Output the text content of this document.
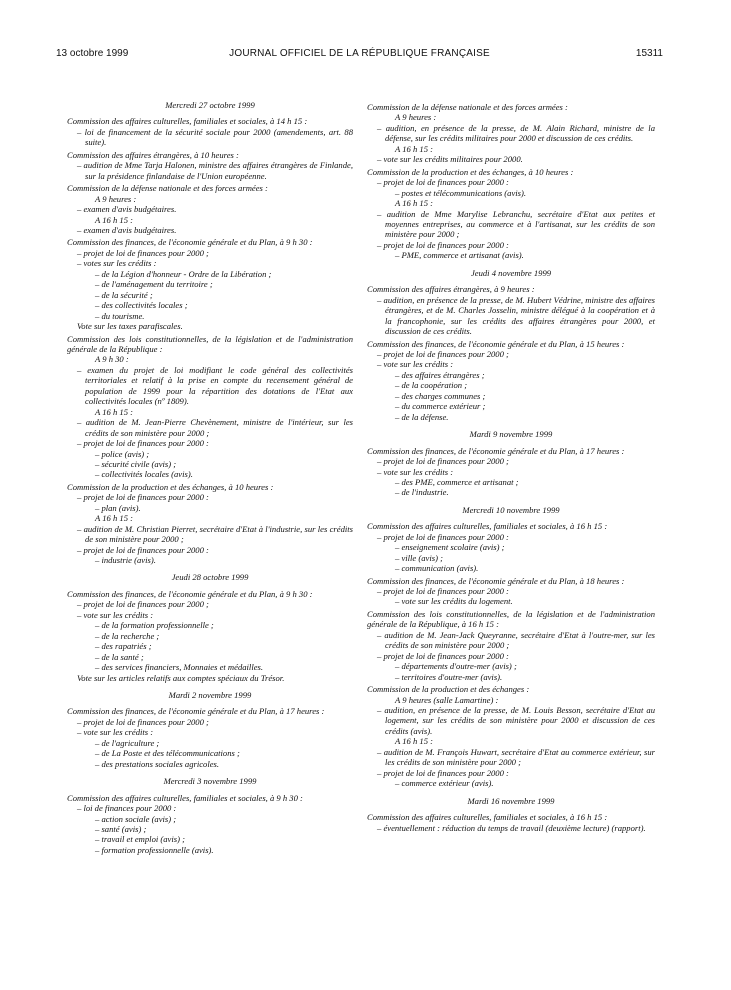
13 octobre 1999	JOURNAL OFFICIEL DE LA RÉPUBLIQUE FRANÇAISE	15311
Mercredi 27 octobre 1999
Commission des affaires culturelles, familiales et sociales, à 14 h 15 :
– loi de financement de la sécurité sociale pour 2000 (amendements, art. 88 suite).
Commission des affaires étrangères, à 10 heures :
– audition de Mme Tarja Halonen, ministre des affaires étrangères de Finlande, sur la présidence finlandaise de l'Union européenne.
Commission de la défense nationale et des forces armées :
A 9 heures :
– examen d'avis budgétaires.
A 16 h 15 :
– examen d'avis budgétaires.
Commission des finances, de l'économie générale et du Plan, à 9 h 30 :
– projet de loi de finances pour 2000 ;
– votes sur les crédits :
– de la Légion d'honneur - Ordre de la Libération ;
– de l'aménagement du territoire ;
– de la sécurité ;
– des collectivités locales ;
– du tourisme.
Vote sur les taxes parafiscales.
Commission des lois constitutionnelles, de la législation et de l'administration générale de la République :
A 9 h 30 :
– examen du projet de loi modifiant le code général des collectivités territoriales et relatif à la prise en compte du recensement général de population de 1999 pour la répartition des dotations de l'Etat aux collectivités locales (nº 1809).
A 16 h 15 :
– audition de M. Jean-Pierre Chevènement, ministre de l'intérieur, sur les crédits de son ministère pour 2000 ;
– projet de loi de finances pour 2000 :
– police (avis) ;
– sécurité civile (avis) ;
– collectivités locales (avis).
Commission de la production et des échanges, à 10 heures :
– projet de loi de finances pour 2000 :
– plan (avis).
A 16 h 15 :
– audition de M. Christian Pierret, secrétaire d'Etat à l'industrie, sur les crédits de son ministère pour 2000 ;
– projet de loi de finances pour 2000 :
– industrie (avis).
Jeudi 28 octobre 1999
Commission des finances, de l'économie générale et du Plan, à 9 h 30 :
– projet de loi de finances pour 2000 ;
– vote sur les crédits :
– de la formation professionnelle ;
– de la recherche ;
– des rapatriés ;
– de la santé ;
– des services financiers, Monnaies et médailles.
Vote sur les articles relatifs aux comptes spéciaux du Trésor.
Mardi 2 novembre 1999
Commission des finances, de l'économie générale et du Plan, à 17 heures :
– projet de loi de finances pour 2000 ;
– vote sur les crédits :
– de l'agriculture ;
– de La Poste et des télécommunications ;
– des prestations sociales agricoles.
Mercredi 3 novembre 1999
Commission des affaires culturelles, familiales et sociales, à 9 h 30 :
– loi de finances pour 2000 :
– action sociale (avis) ;
– santé (avis) ;
– travail et emploi (avis) ;
– formation professionnelle (avis).
Commission de la défense nationale et des forces armées :
A 9 heures :
– audition, en présence de la presse, de M. Alain Richard, ministre de la défense, sur les crédits militaires pour 2000 et discussion de ces crédits.
A 16 h 15 :
– vote sur les crédits militaires pour 2000.
Commission de la production et des échanges, à 10 heures :
– projet de loi de finances pour 2000 :
– postes et télécommunications (avis).
A 16 h 15 :
– audition de Mme Marylise Lebranchu, secrétaire d'Etat aux petites et moyennes entreprises, au commerce et à l'artisanat, sur les crédits de son ministère pour 2000 ;
– projet de loi de finances pour 2000 :
– PME, commerce et artisanat (avis).
Jeudi 4 novembre 1999
Commission des affaires étrangères, à 9 heures :
– audition, en présence de la presse, de M. Hubert Védrine, ministre des affaires étrangères, et de M. Charles Josselin, ministre délégué à la coopération et à la francophonie, sur les crédits des affaires étrangères pour 2000, et discussion de ces crédits.
Commission des finances, de l'économie générale et du Plan, à 15 heures :
– projet de loi de finances pour 2000 ;
– vote sur les crédits :
– des affaires étrangères ;
– de la coopération ;
– des charges communes ;
– du commerce extérieur ;
– de la défense.
Mardi 9 novembre 1999
Commission des finances, de l'économie générale et du Plan, à 17 heures :
– projet de loi de finances pour 2000 ;
– vote sur les crédits :
– des PME, commerce et artisanat ;
– de l'industrie.
Mercredi 10 novembre 1999
Commission des affaires culturelles, familiales et sociales, à 16 h 15 :
– projet de loi de finances pour 2000 :
– enseignement scolaire (avis) ;
– ville (avis) ;
– communication (avis).
Commission des finances, de l'économie générale et du Plan, à 18 heures :
– projet de loi de finances pour 2000 :
– vote sur les crédits du logement.
Commission des lois constitutionnelles, de la législation et de l'administration générale de la République, à 16 h 15 :
– audition de M. Jean-Jack Queyranne, secrétaire d'Etat à l'outre-mer, sur les crédits de son ministère pour 2000 ;
– projet de loi de finances pour 2000 :
– départements d'outre-mer (avis) ;
– territoires d'outre-mer (avis).
Commission de la production et des échanges :
A 9 heures (salle Lamartine) :
– audition, en présence de la presse, de M. Louis Besson, secrétaire d'Etat au logement, sur les crédits de son ministère pour 2000 et discussion de ces crédits (avis).
A 16 h 15 :
– audition de M. François Huwart, secrétaire d'Etat au commerce extérieur, sur les crédits de son ministère pour 2000 ;
– projet de loi de finances pour 2000 :
– commerce extérieur (avis).
Mardi 16 novembre 1999
Commission des affaires culturelles, familiales et sociales, à 16 h 15 :
– éventuellement : réduction du temps de travail (deuxième lecture) (rapport).
